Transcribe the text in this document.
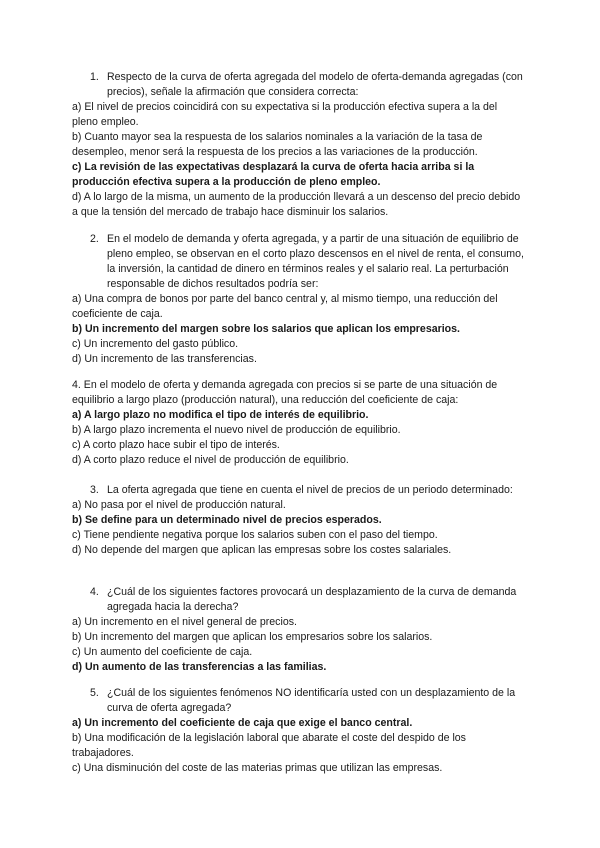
1. Respecto de la curva de oferta agregada del modelo de oferta-demanda agregadas (con precios), señale la afirmación que considera correcta:
a) El nivel de precios coincidirá con su expectativa si la producción efectiva supera a la del pleno empleo.
b) Cuanto mayor sea la respuesta de los salarios nominales a la variación de la tasa de desempleo, menor será la respuesta de los precios a las variaciones de la producción.
c) La revisión de las expectativas desplazará la curva de oferta hacia arriba si la producción efectiva supera a la producción de pleno empleo.
d) A lo largo de la misma, un aumento de la producción llevará a un descenso del precio debido a que la tensión del mercado de trabajo hace disminuir los salarios.
2. En el modelo de demanda y oferta agregada, y a partir de una situación de equilibrio de pleno empleo, se observan en el corto plazo descensos en el nivel de renta, el consumo, la inversión, la cantidad de dinero en términos reales y el salario real. La perturbación responsable de dichos resultados podría ser:
a) Una compra de bonos por parte del banco central y, al mismo tiempo, una reducción del coeficiente de caja.
b) Un incremento del margen sobre los salarios que aplican los empresarios.
c) Un incremento del gasto público.
d) Un incremento de las transferencias.
4. En el modelo de oferta y demanda agregada con precios si se parte de una situación de equilibrio a largo plazo (producción natural), una reducción del coeficiente de caja:
a) A largo plazo no modifica el tipo de interés de equilibrio.
b) A largo plazo incrementa el nuevo nivel de producción de equilibrio.
c) A corto plazo hace subir el tipo de interés.
d) A corto plazo reduce el nivel de producción de equilibrio.
3. La oferta agregada que tiene en cuenta el nivel de precios de un periodo determinado:
a) No pasa por el nivel de producción natural.
b) Se define para un determinado nivel de precios esperados.
c) Tiene pendiente negativa porque los salarios suben con el paso del tiempo.
d) No depende del margen que aplican las empresas sobre los costes salariales.
4. ¿Cuál de los siguientes factores provocará un desplazamiento de la curva de demanda agregada hacia la derecha?
a) Un incremento en el nivel general de precios.
b) Un incremento del margen que aplican los empresarios sobre los salarios.
c) Un aumento del coeficiente de caja.
d) Un aumento de las transferencias a las familias.
5. ¿Cuál de los siguientes fenómenos NO identificaría usted con un desplazamiento de la curva de oferta agregada?
a) Un incremento del coeficiente de caja que exige el banco central.
b) Una modificación de la legislación laboral que abarate el coste del despido de los trabajadores.
c) Una disminución del coste de las materias primas que utilizan las empresas.
